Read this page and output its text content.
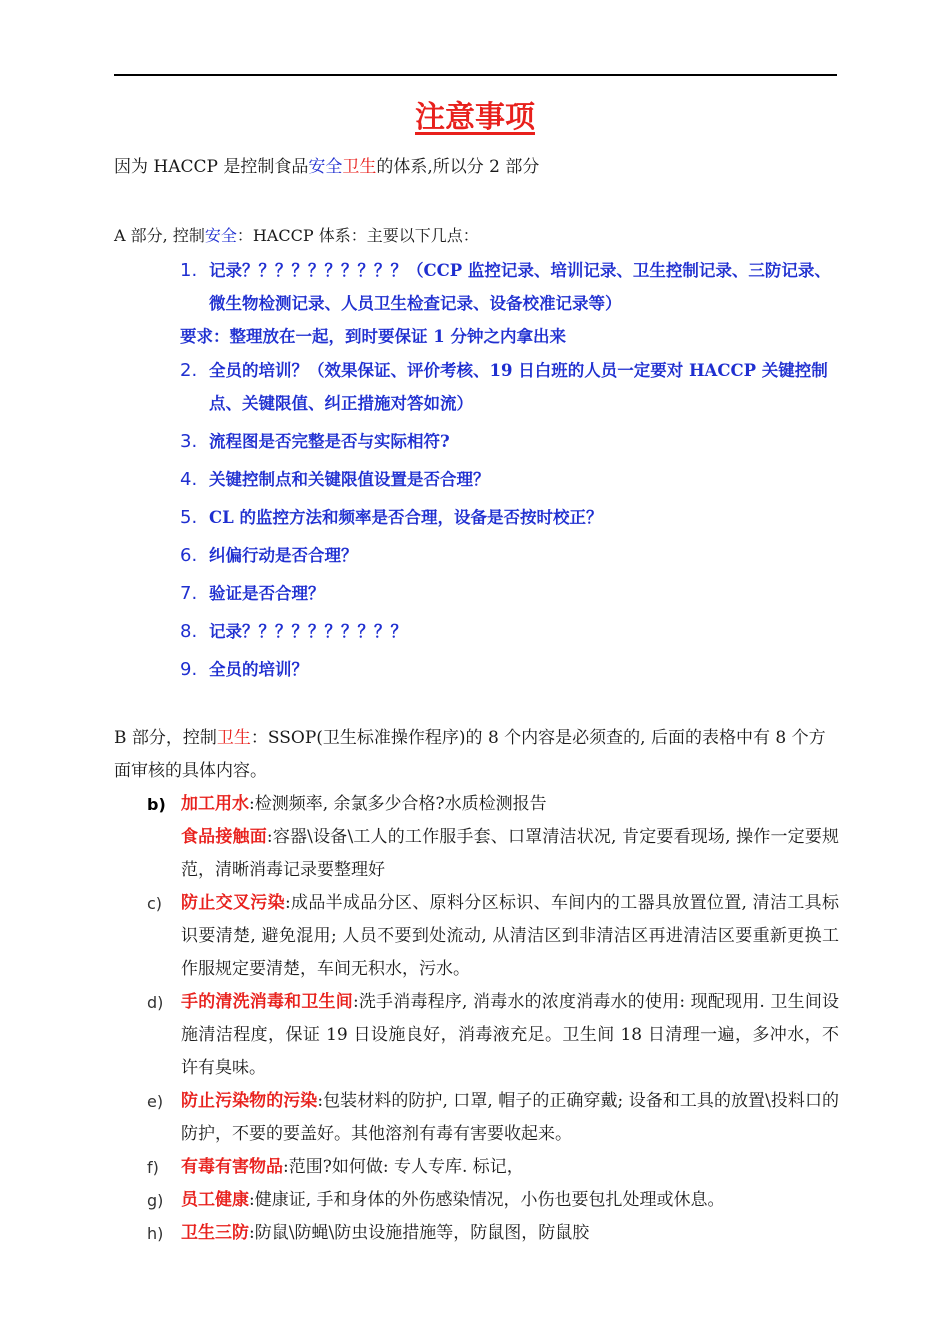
注意事项
因为 HACCP 是控制食品安全卫生的体系,所以分 2 部分
A 部分, 控制安全：HACCP 体系：主要以下几点：
1. 记录？？？？？？？？？？（CCP 监控记录、培训记录、卫生控制记录、三防记录、微生物检测记录、人员卫生检查记录、设备校准记录等）
要求：整理放在一起，到时要保证 1 分钟之内拿出来
2. 全员的培训？（效果保证、评价考核、19 日白班的人员一定要对 HACCP 关键控制点、关键限值、纠正措施对答如流）
3. 流程图是否完整是否与实际相符?
4. 关键控制点和关键限值设置是否合理？
5. CL 的监控方法和频率是否合理，设备是否按时校正？
6. 纠偏行动是否合理？
7. 验证是否合理？
8. 记录？？？？？？？？？？
9. 全员的培训？
B 部分，控制卫生：SSOP(卫生标准操作程序)的 8 个内容是必须查的, 后面的表格中有 8 个方面审核的具体内容。
b) 加工用水:检测频率, 余氯多少合格?水质检测报告
食品接触面:容器\设备\工人的工作服手套、口罩清洁状况, 肯定要看现场, 操作一定要规范，清晰消毒记录要整理好
c) 防止交叉污染:成品半成品分区、原料分区标识、车间内的工器具放置位置, 清洁工具标识要清楚, 避免混用; 人员不要到处流动, 从清洁区到非清洁区再进清洁区要重新更换工作服规定要清楚，车间无积水，污水。
d) 手的清洗消毒和卫生间:洗手消毒程序, 消毒水的浓度消毒水的使用: 现配现用. 卫生间设施清洁程度，保证 19 日设施良好，消毒液充足。卫生间 18 日清理一遍，多冲水，不许有臭味。
e) 防止污染物的污染:包装材料的防护, 口罩, 帽子的正确穿戴; 设备和工具的放置\投料口的防护，不要的要盖好。其他溶剂有毒有害要收起来。
f) 有毒有害物品:范围?如何做: 专人专库. 标记，
g) 员工健康:健康证, 手和身体的外伤感染情况，小伤也要包扎处理或休息。
h) 卫生三防:防鼠\防蝇\防虫设施措施等，防鼠图，防鼠胶
